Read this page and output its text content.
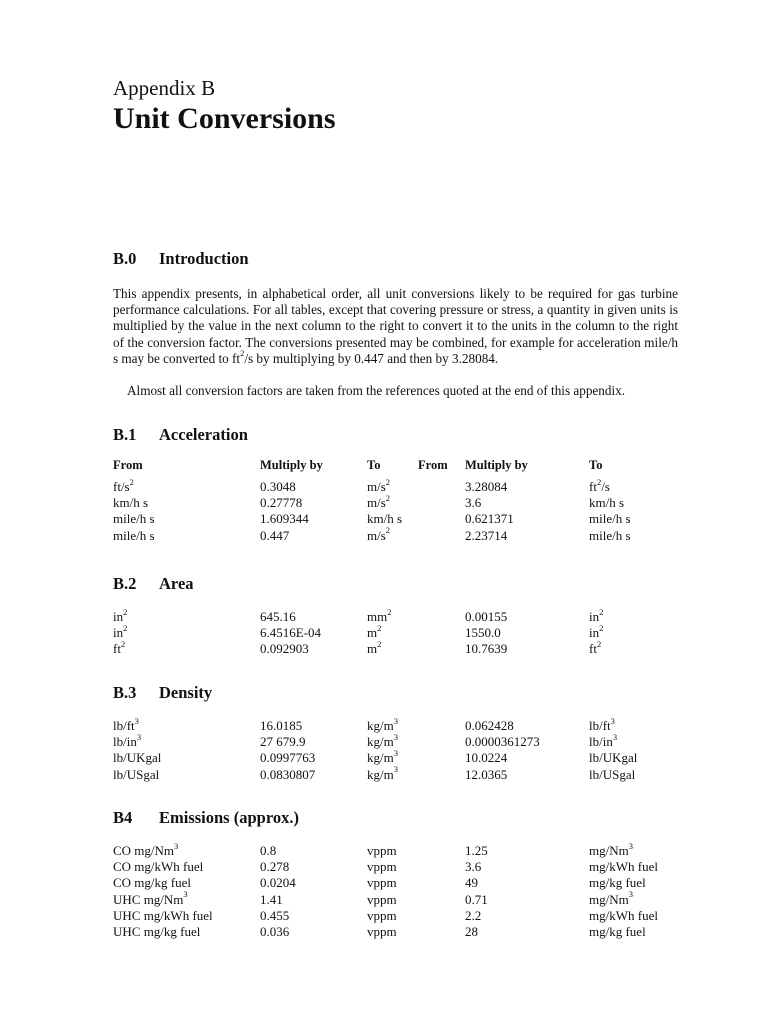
Appendix B
Unit Conversions
B.0 Introduction
This appendix presents, in alphabetical order, all unit conversions likely to be required for gas turbine performance calculations. For all tables, except that covering pressure or stress, a quantity in given units is multiplied by the value in the next column to the right to convert it to the units in the column to the right of the conversion factor. The conversions presented may be combined, for example for acceleration mile/h s may be converted to $ft^2/s$ by multiplying by 0.447 and then by 3.28084.
Almost all conversion factors are taken from the references quoted at the end of this appendix.
B.1 Acceleration
From	Multiply by	To	From Multiply by	To
$ft/s^2$	0.3048	$m/s^2$	3.28084	$ft^2/s$
km/h s	0.27778	$m/s^2$	3.6	km/h s
mile/h s	1.609344	km/h s	0.621371	mile/h s
mile/h s	0.447	$m/s^2$	2.23714	mile/h s
B.2 Area
$in^2$	645.16	$mm^2$	0.00155	$in^2$
$in^2$	6.4516E-04	$m^2$	1550.0	$in^2$
$ft^2$	0.092903	$m^2$	10.7639	$ft^2$
B.3 Density
$lb/ft^3$	16.0185	$kg/m^3$	0.062428	$lb/ft^3$
$lb/in^3$	27 679.9	$kg/m^3$	0.0000361273	$lb/in^3$
lb/UKgal	0.0997763	$kg/m^3$	10.0224	lb/UKgal
lb/USgal	0.0830807	$kg/m^3$	12.0365	lb/USgal
B4 Emissions (approx.)
CO mg/Nm$^3$	0.8	vppm	1.25	mg/Nm$^3$
CO mg/kWh fuel	0.278	vppm	3.6	mg/kWh fuel
CO mg/kg fuel	0.0204	vppm	49	mg/kg fuel
UHC mg/Nm$^3$	1.41	vppm	0.71	mg/Nm$^3$
UHC mg/kWh fuel	0.455	vppm	2.2	mg/kWh fuel
UHC mg/kg fuel	0.036	vppm	28	mg/kg fuel
